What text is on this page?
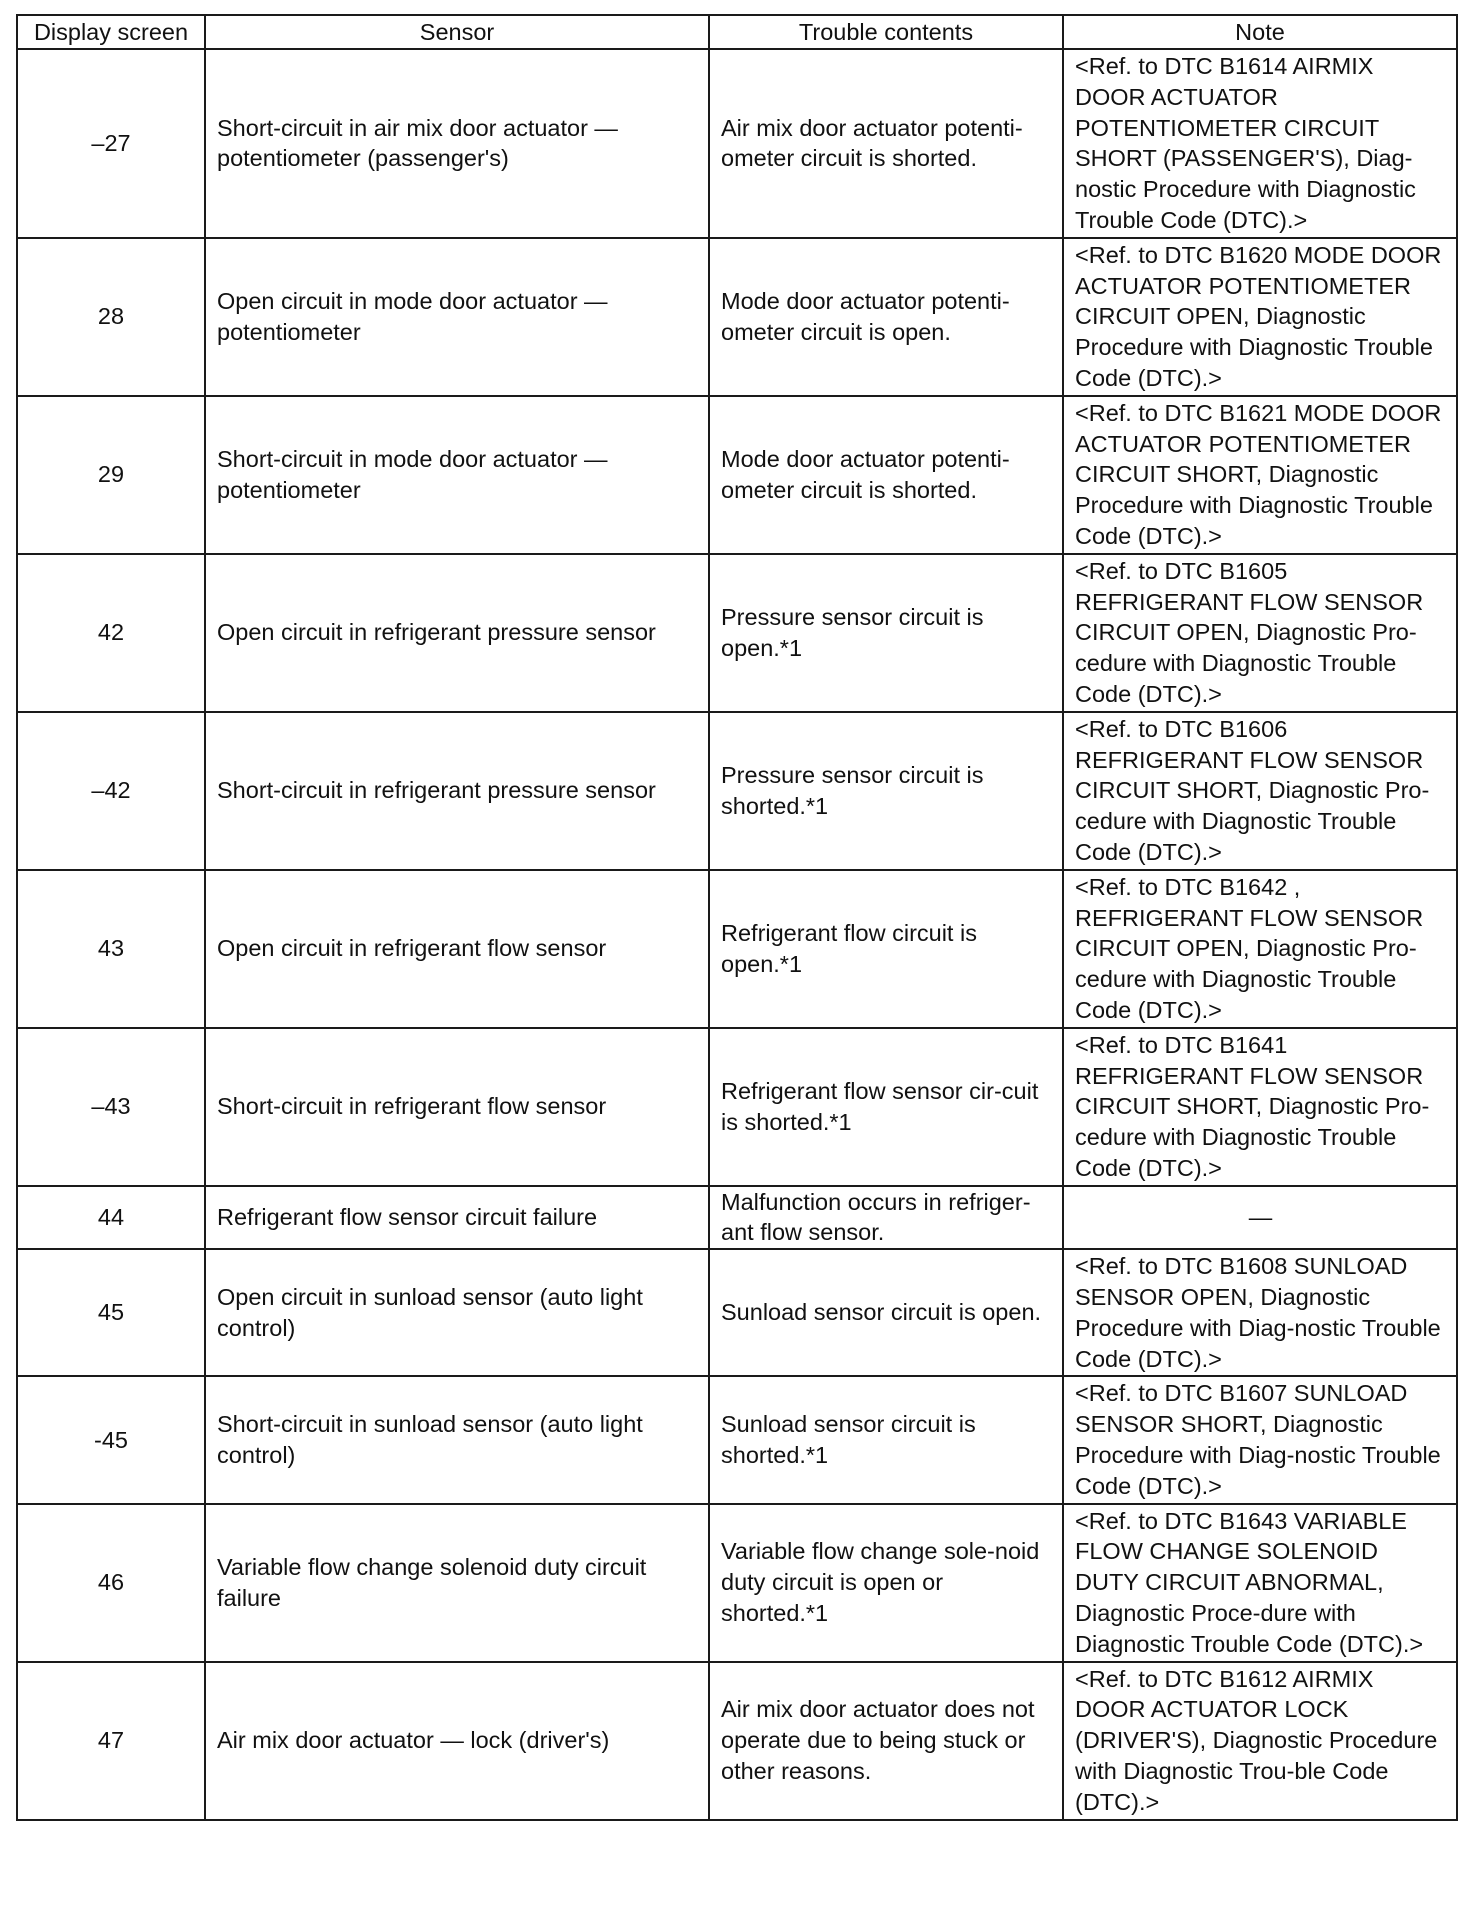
Display screen	Sensor	Trouble contents	Note
–27	Short-circuit in air mix door actuator — potentiometer (passenger's)	Air mix door actuator potenti-ometer circuit is shorted.	<Ref. to DTC B1614 AIRMIX DOOR ACTUATOR POTENTIOMETER CIRCUIT SHORT (PASSENGER'S), Diag-nostic Procedure with Diagnostic Trouble Code (DTC).>
28	Open circuit in mode door actuator — potentiometer	Mode door actuator potenti-ometer circuit is open.	<Ref. to DTC B1620 MODE DOOR ACTUATOR POTENTIOMETER CIRCUIT OPEN, Diagnostic Procedure with Diagnostic Trouble Code (DTC).>
29	Short-circuit in mode door actuator — potentiometer	Mode door actuator potenti-ometer circuit is shorted.	<Ref. to DTC B1621 MODE DOOR ACTUATOR POTENTIOMETER CIRCUIT SHORT, Diagnostic Procedure with Diagnostic Trouble Code (DTC).>
42	Open circuit in refrigerant pressure sensor	Pressure sensor circuit is open.*1	<Ref. to DTC B1605 REFRIGERANT FLOW SENSOR CIRCUIT OPEN, Diagnostic Pro-cedure with Diagnostic Trouble Code (DTC).>
–42	Short-circuit in refrigerant pressure sensor	Pressure sensor circuit is shorted.*1	<Ref. to DTC B1606 REFRIGERANT FLOW SENSOR CIRCUIT SHORT, Diagnostic Pro-cedure with Diagnostic Trouble Code (DTC).>
43	Open circuit in refrigerant flow sensor	Refrigerant flow circuit is open.*1	<Ref. to DTC B1642 , REFRIGERANT FLOW SENSOR CIRCUIT OPEN, Diagnostic Pro-cedure with Diagnostic Trouble Code (DTC).>
–43	Short-circuit in refrigerant flow sensor	Refrigerant flow sensor cir-cuit is shorted.*1	<Ref. to DTC B1641 REFRIGERANT FLOW SENSOR CIRCUIT SHORT, Diagnostic Pro-cedure with Diagnostic Trouble Code (DTC).>
44	Refrigerant flow sensor circuit failure	Malfunction occurs in refriger-ant flow sensor.	—
45	Open circuit in sunload sensor (auto light control)	Sunload sensor circuit is open.	<Ref. to DTC B1608 SUNLOAD SENSOR OPEN, Diagnostic Procedure with Diag-nostic Trouble Code (DTC).>
-45	Short-circuit in sunload sensor (auto light control)	Sunload sensor circuit is shorted.*1	<Ref. to DTC B1607 SUNLOAD SENSOR SHORT, Diagnostic Procedure with Diag-nostic Trouble Code (DTC).>
46	Variable flow change solenoid duty circuit failure	Variable flow change sole-noid duty circuit is open or shorted.*1	<Ref. to DTC B1643 VARIABLE FLOW CHANGE SOLENOID DUTY CIRCUIT ABNORMAL, Diagnostic Proce-dure with Diagnostic Trouble Code (DTC).>
47	Air mix door actuator — lock (driver's)	Air mix door actuator does not operate due to being stuck or other reasons.	<Ref. to DTC B1612 AIRMIX DOOR ACTUATOR LOCK (DRIVER'S), Diagnostic Procedure with Diagnostic Trou-ble Code (DTC).>
